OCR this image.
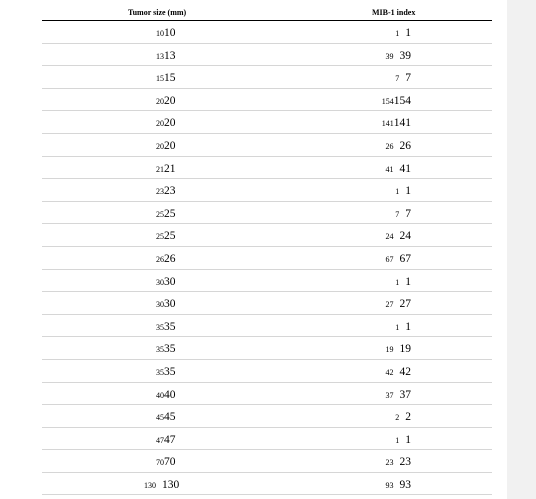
Tumor size (mm)	MIB-1 index
1010	1 1
1313	39 39
1515	7 7
2020	154154
2020	141141
2020	26 26
2121	41 41
2323	1 1
2525	7 7
2525	24 24
2626	67 67
3030	1 1
3030	27 27
3535	1 1
3535	19 19
3535	42 42
4040	37 37
4545	2 2
4747	1 1
7070	23 23
130 130	93 93
